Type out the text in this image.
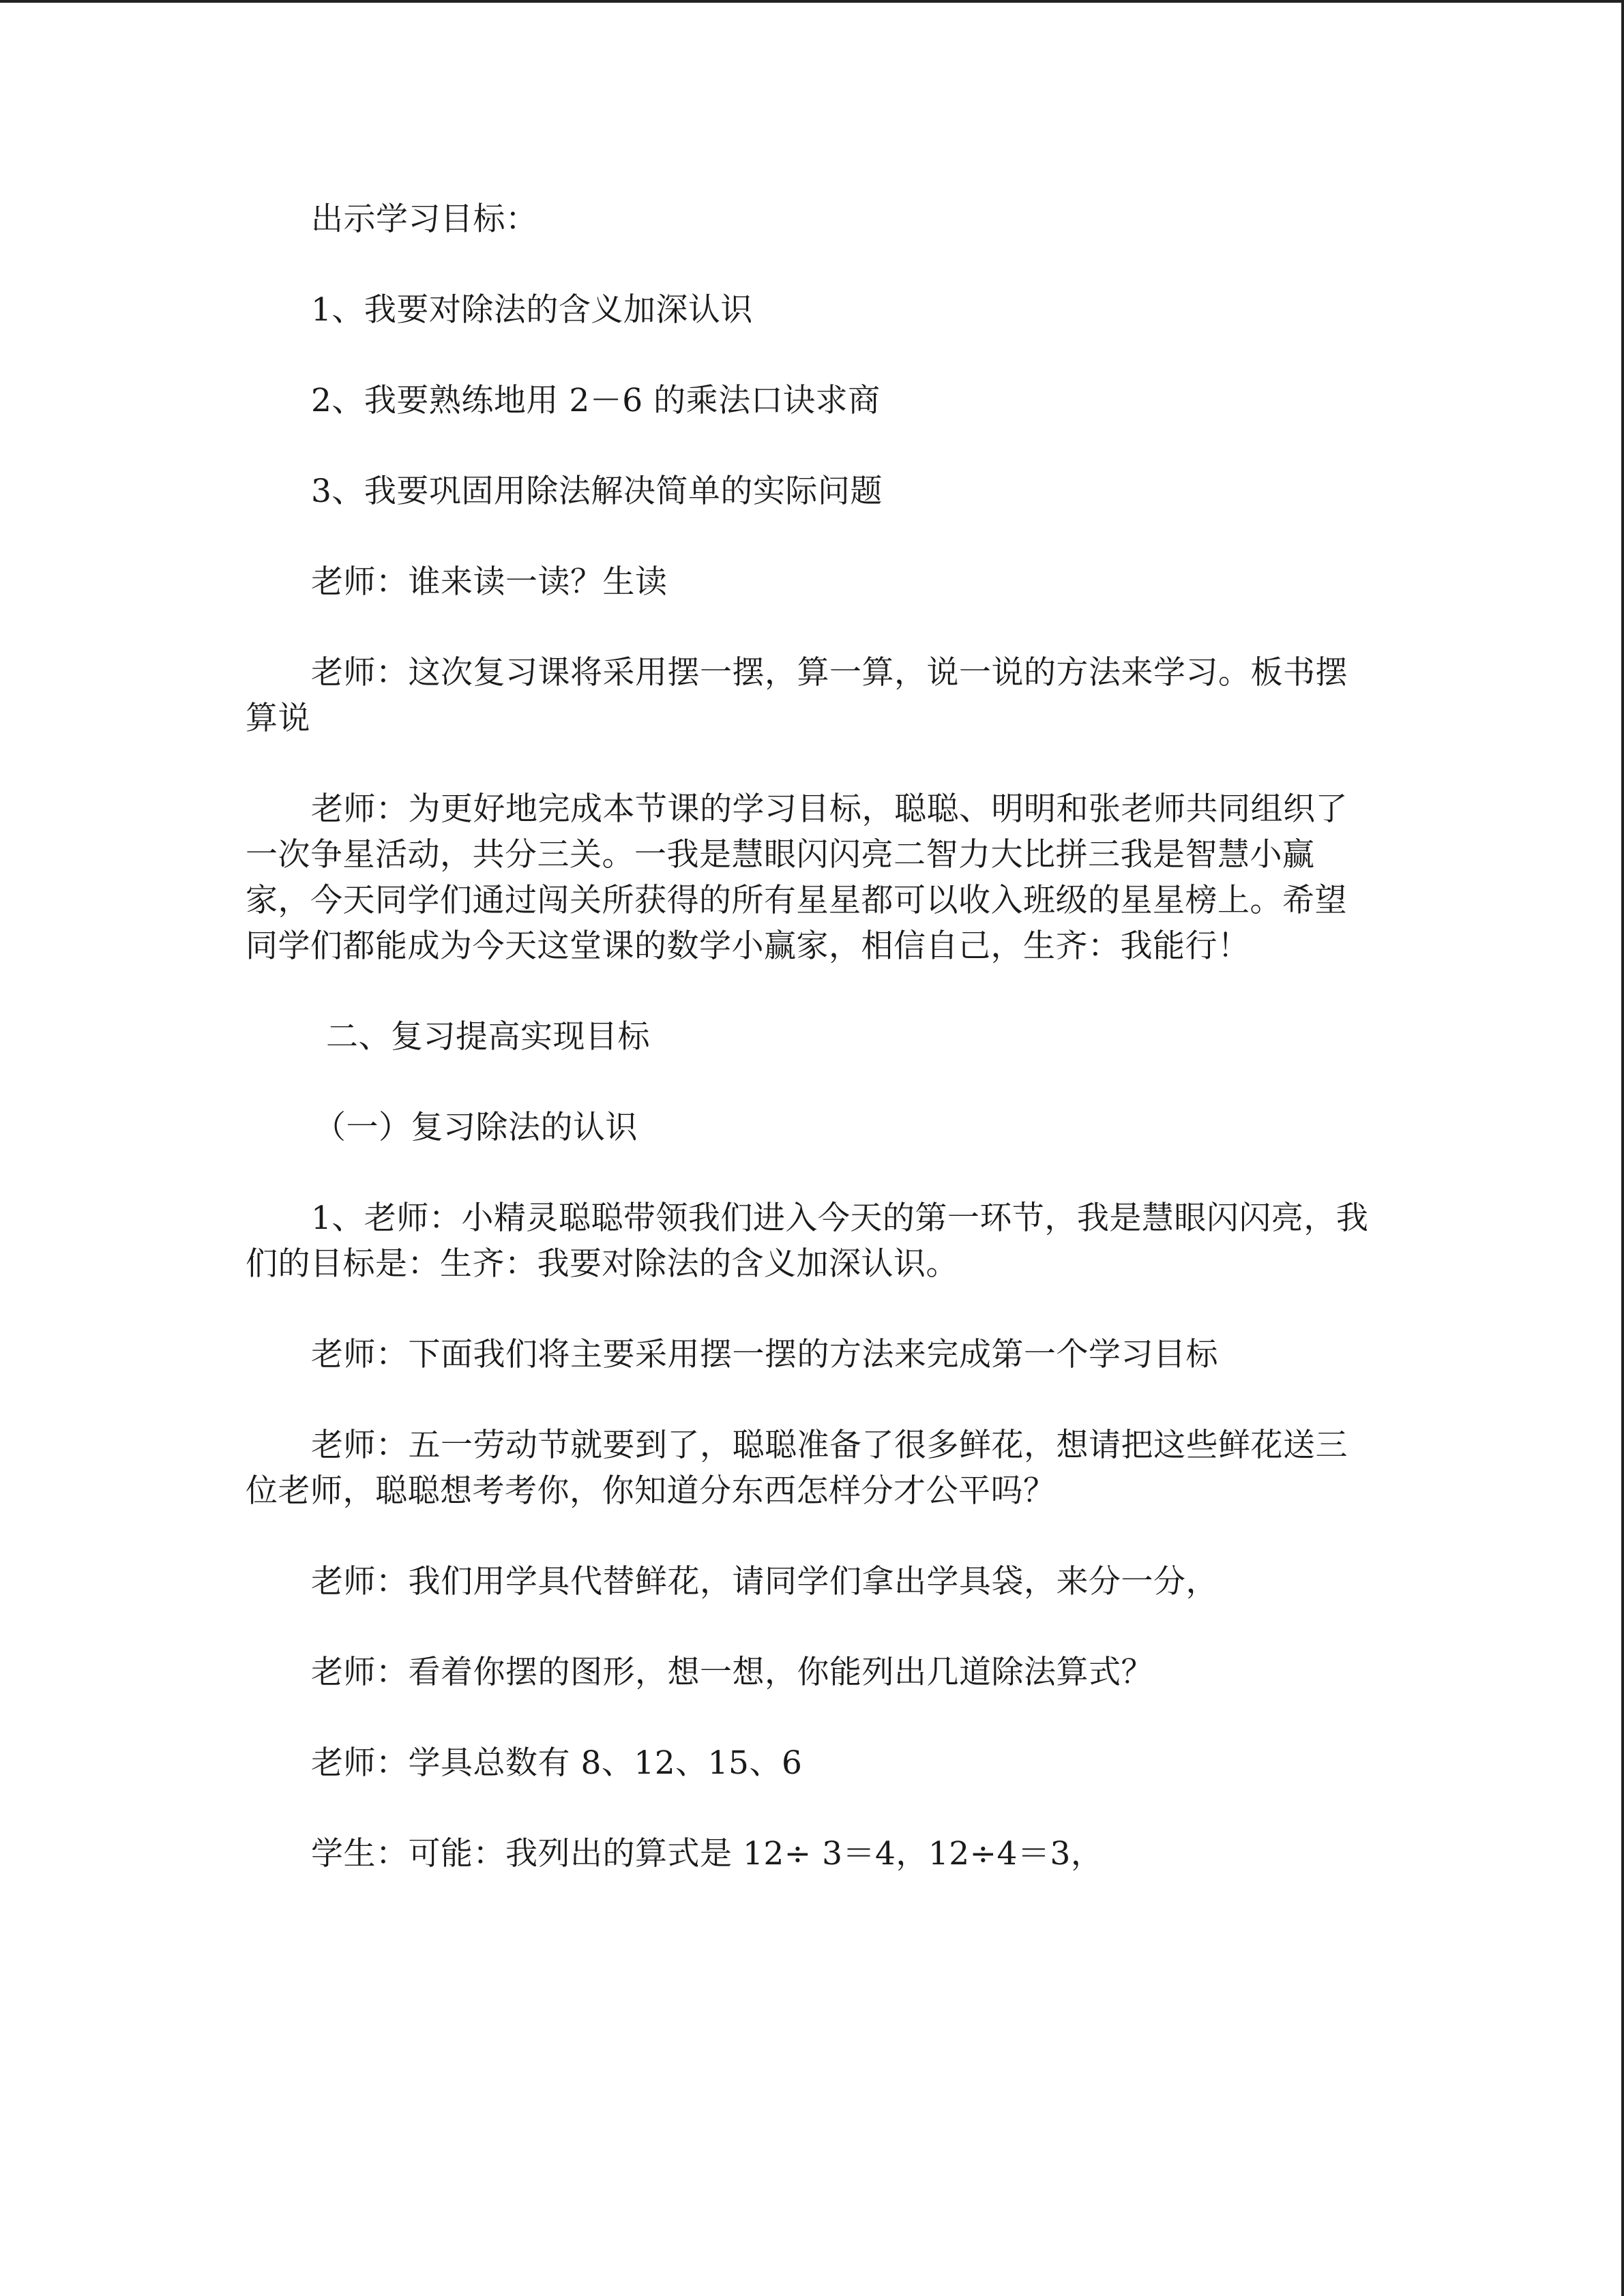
出示学习目标：

1、我要对除法的含义加深认识

2、我要熟练地用 2－6 的乘法口诀求商

3、我要巩固用除法解决简单的实际问题

老师：谁来读一读？生读

老师：这次复习课将采用摆一摆，算一算，说一说的方法来学习。板书摆算说

老师：为更好地完成本节课的学习目标，聪聪、明明和张老师共同组织了一次争星活动，共分三关。一我是慧眼闪闪亮二智力大比拼三我是智慧小赢家，今天同学们通过闯关所获得的所有星星都可以收入班级的星星榜上。希望同学们都能成为今天这堂课的数学小赢家，相信自己，生齐：我能行！

二、复习提高实现目标

（一）复习除法的认识

1、老师：小精灵聪聪带领我们进入今天的第一环节，我是慧眼闪闪亮，我们的目标是：生齐：我要对除法的含义加深认识。

老师：下面我们将主要采用摆一摆的方法来完成第一个学习目标

老师：五一劳动节就要到了，聪聪准备了很多鲜花，想请把这些鲜花送三位老师，聪聪想考考你，你知道分东西怎样分才公平吗？

老师：我们用学具代替鲜花，请同学们拿出学具袋，来分一分，

老师：看着你摆的图形，想一想，你能列出几道除法算式？

老师：学具总数有 8、12、15、6

学生：可能：我列出的算式是 12÷ 3＝4，12÷4＝3，
